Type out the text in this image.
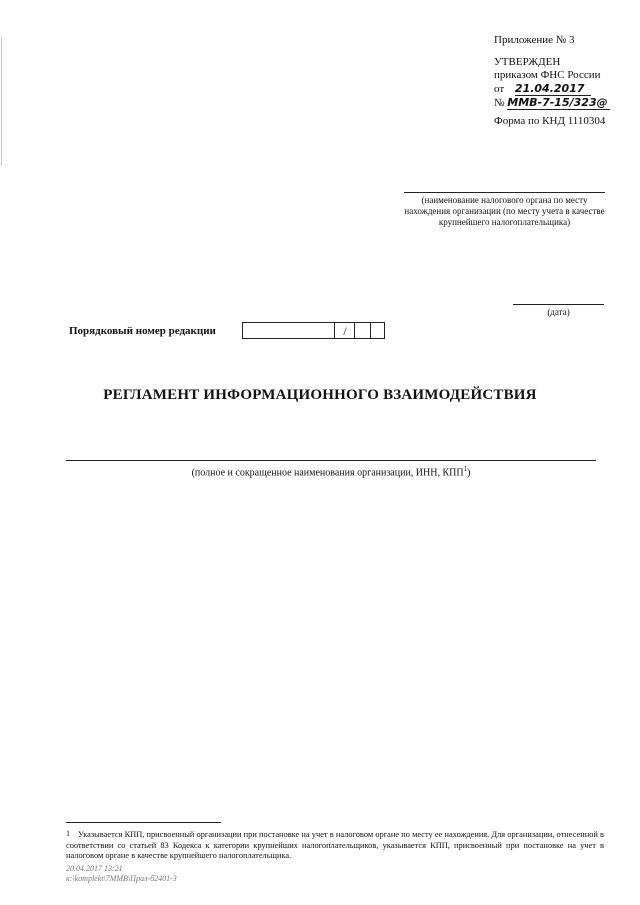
Приложение № 3
УТВЕРЖДЕН
приказом ФНС России
от 21.04.2017
№ ММВ-7-15/323@
Форма по КНД 1110304
(наименование налогового органа по месту нахождения организации (по месту учета в качестве крупнейшего налогоплательщика)
(дата)
Порядковый номер редакции	/
РЕГЛАМЕНТ ИНФОРМАЦИОННОГО ВЗАИМОДЕЙСТВИЯ
(полное и сокращенное наименования организации, ИНН, КПП$^1$)
1 Указывается КПП, присвоенный организации при постановке на учет в налоговом органе по месту ее нахождения. Для организации, отнесенной в соответствии со статьей 83 Кодекса к категории крупнейших налогоплательщиков, указывается КПП, присвоенный при постановке на учет в налоговом органе в качестве крупнейшего налогоплательщика.
20.04.2017 13:21
к:\komplekt\7ММВ\Прил-б2401-3
